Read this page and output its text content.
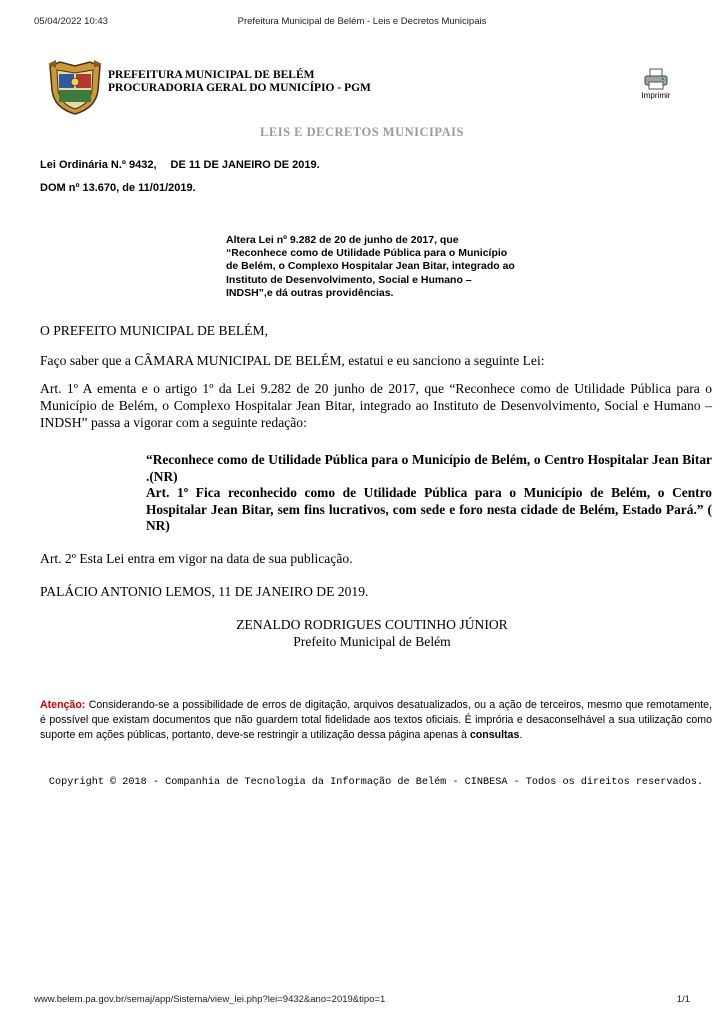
05/04/2022 10:43	Prefeitura Municipal de Belém - Leis e Decretos Municipais
PREFEITURA MUNICIPAL DE BELÉM
PROCURADORIA GERAL DO MUNICÍPIO - PGM
Imprimir
LEIS E DECRETOS MUNICIPAIS
Lei Ordinária N.º 9432, DE 11 DE JANEIRO DE 2019.
DOM nº 13.670, de 11/01/2019.
Altera Lei nº 9.282 de 20 de junho de 2017, que “Reconhece como de Utilidade Pública para o Município de Belém, o Complexo Hospitalar Jean Bitar, integrado ao Instituto de Desenvolvimento, Social e Humano – INDSH”,e dá outras providências.
O PREFEITO MUNICIPAL DE BELÉM,
Faço saber que a CÂMARA MUNICIPAL DE BELÉM, estatui e eu sanciono a seguinte Lei:
Art. 1º A ementa e o artigo 1º da Lei 9.282 de 20 junho de 2017, que “Reconhece como de Utilidade Pública para o Município de Belém, o Complexo Hospitalar Jean Bitar, integrado ao Instituto de Desenvolvimento, Social e Humano – INDSH” passa a vigorar com a seguinte redação:

“Reconhece como de Utilidade Pública para o Município de Belém, o Centro Hospitalar Jean Bitar .(NR)

Art. 1º Fica reconhecido como de Utilidade Pública para o Município de Belém, o Centro Hospitalar Jean Bitar, sem fins lucrativos, com sede e foro nesta cidade de Belém, Estado Pará.” ( NR)

Art. 2º Esta Lei entra em vigor na data de sua publicação.
PALÁCIO ANTONIO LEMOS, 11 DE JANEIRO DE 2019.
ZENALDO RODRIGUES COUTINHO JÚNIOR
Prefeito Municipal de Belém
Atenção: Considerando-se a possibilidade de erros de digitação, arquivos desatualizados, ou a ação de terceiros, mesmo que remotamente, é possível que existam documentos que não guardem total fidelidade aos textos oficiais. É imprória e desaconselhável a sua utilização como suporte em ações públicas, portanto, deve-se restringir a utilização dessa página apenas à consultas.
Copyright © 2018 - Companhia de Tecnologia da Informação de Belém - CINBESA - Todos os direitos reservados.
www.belem.pa.gov.br/semaj/app/Sistema/view_lei.php?lei=9432&ano=2019&tipo=1	1/1
